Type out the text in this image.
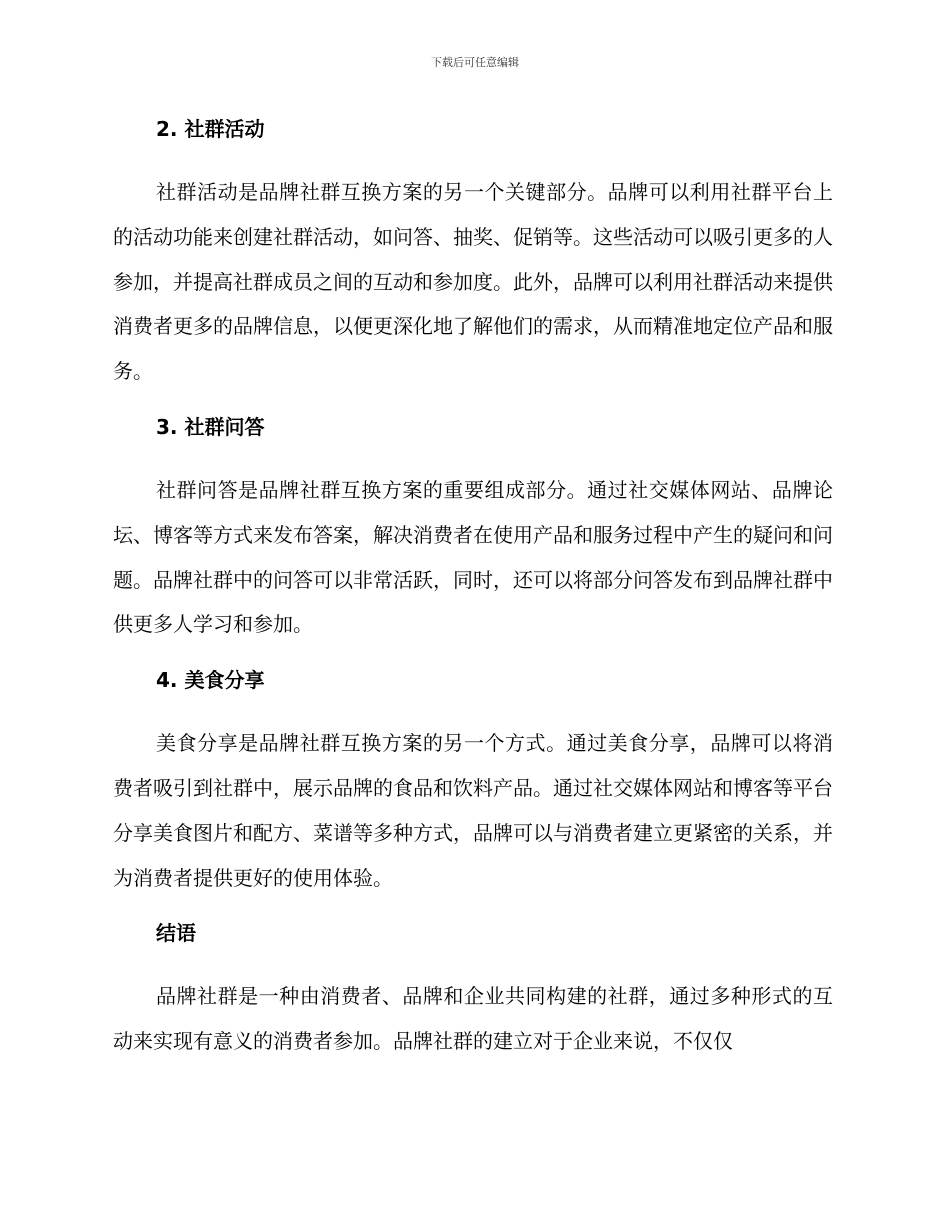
下载后可任意编辑
2. 社群活动

社群活动是品牌社群互换方案的另一个关键部分。品牌可以利用社群平台上的活动功能来创建社群活动，如问答、抽奖、促销等。这些活动可以吸引更多的人参加，并提高社群成员之间的互动和参加度。此外，品牌可以利用社群活动来提供消费者更多的品牌信息，以便更深化地了解他们的需求，从而精准地定位产品和服务。

3. 社群问答

社群问答是品牌社群互换方案的重要组成部分。通过社交媒体网站、品牌论坛、博客等方式来发布答案，解决消费者在使用产品和服务过程中产生的疑问和问题。品牌社群中的问答可以非常活跃，同时，还可以将部分问答发布到品牌社群中供更多人学习和参加。

4. 美食分享

美食分享是品牌社群互换方案的另一个方式。通过美食分享，品牌可以将消费者吸引到社群中，展示品牌的食品和饮料产品。通过社交媒体网站和博客等平台分享美食图片和配方、菜谱等多种方式，品牌可以与消费者建立更紧密的关系，并为消费者提供更好的使用体验。

结语

品牌社群是一种由消费者、品牌和企业共同构建的社群，通过多种形式的互动来实现有意义的消费者参加。品牌社群的建立对于企业来说，不仅仅
